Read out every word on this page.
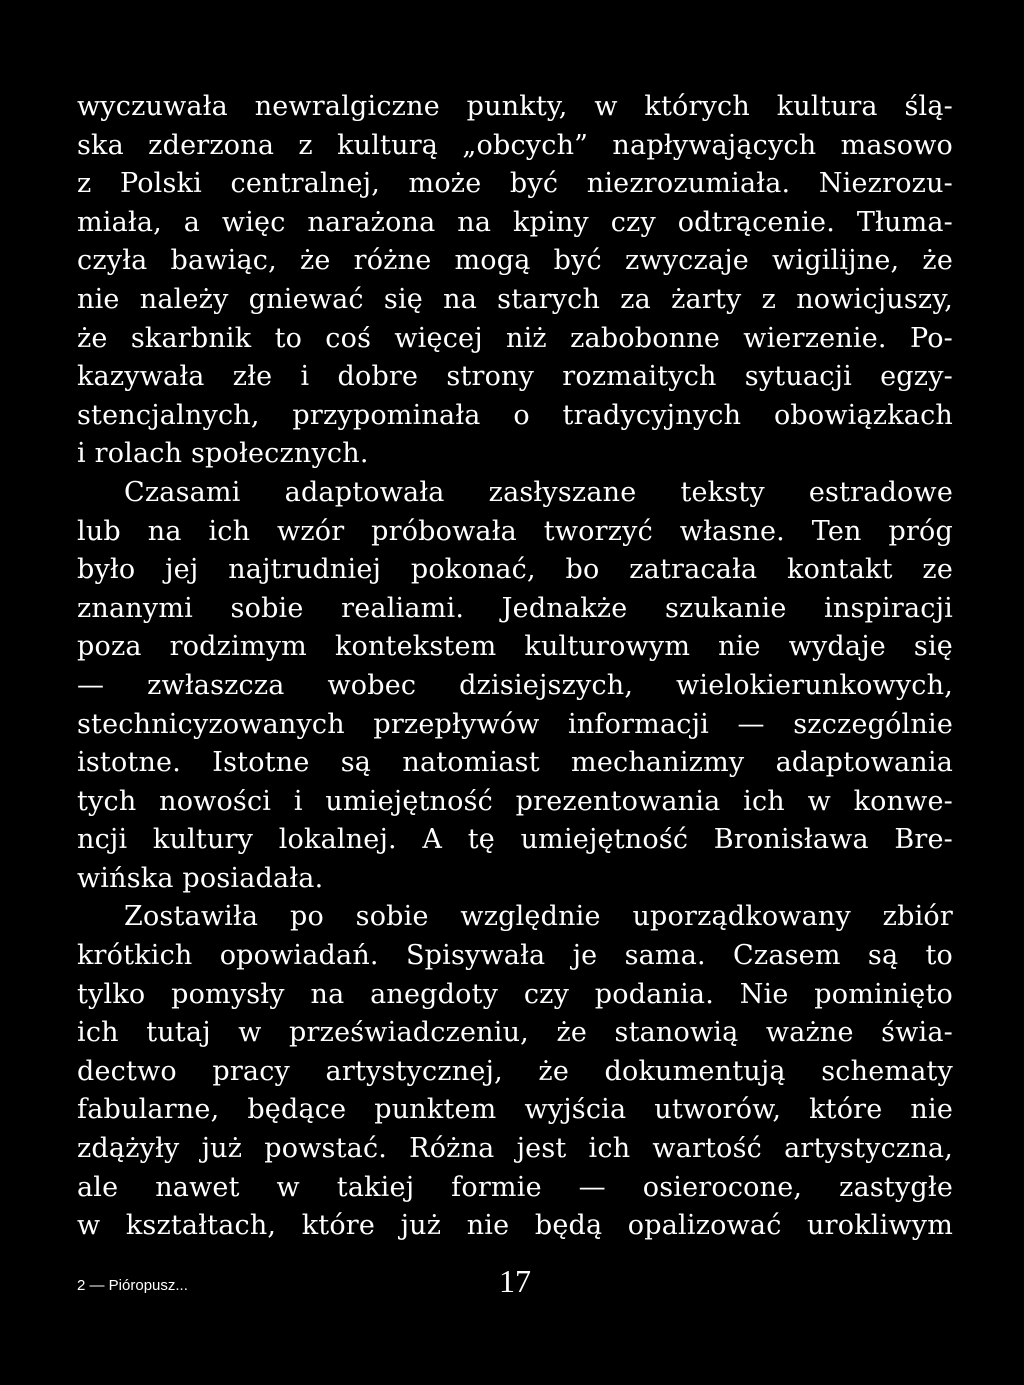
wyczuwała newralgiczne punkty, w których kultura ślą-
ska zderzona z kulturą „obcych” napływających masowo
z Polski centralnej, może być niezrozumiała. Niezrozu-
miała, a więc narażona na kpiny czy odtrącenie. Tłuma-
czyła bawiąc, że różne mogą być zwyczaje wigilijne, że
nie należy gniewać się na starych za żarty z nowicjuszy,
że skarbnik to coś więcej niż zabobonne wierzenie. Po-
kazywała złe i dobre strony rozmaitych sytuacji egzy-
stencjalnych, przypominała o tradycyjnych obowiązkach
i rolach społecznych.
Czasami adaptowała zasłyszane teksty estradowe
lub na ich wzór próbowała tworzyć własne. Ten próg
było jej najtrudniej pokonać, bo zatracała kontakt ze
znanymi sobie realiami. Jednakże szukanie inspiracji
poza rodzimym kontekstem kulturowym nie wydaje się
— zwłaszcza wobec dzisiejszych, wielokierunkowych,
stechnicyzowanych przepływów informacji — szczególnie
istotne. Istotne są natomiast mechanizmy adaptowania
tych nowości i umiejętność prezentowania ich w konwe-
ncji kultury lokalnej. A tę umiejętność Bronisława Bre-
wińska posiadała.
Zostawiła po sobie względnie uporządkowany zbiór
krótkich opowiadań. Spisywała je sama. Czasem są to
tylko pomysły na anegdoty czy podania. Nie pominięto
ich tutaj w przeświadczeniu, że stanowią ważne świa-
dectwo pracy artystycznej, że dokumentują schematy
fabularne, będące punktem wyjścia utworów, które nie
zdążyły już powstać. Różna jest ich wartość artystyczna,
ale nawet w takiej formie — osierocone, zastygłe
w kształtach, które już nie będą opalizować urokliwym
2 — Pióropusz...	17
